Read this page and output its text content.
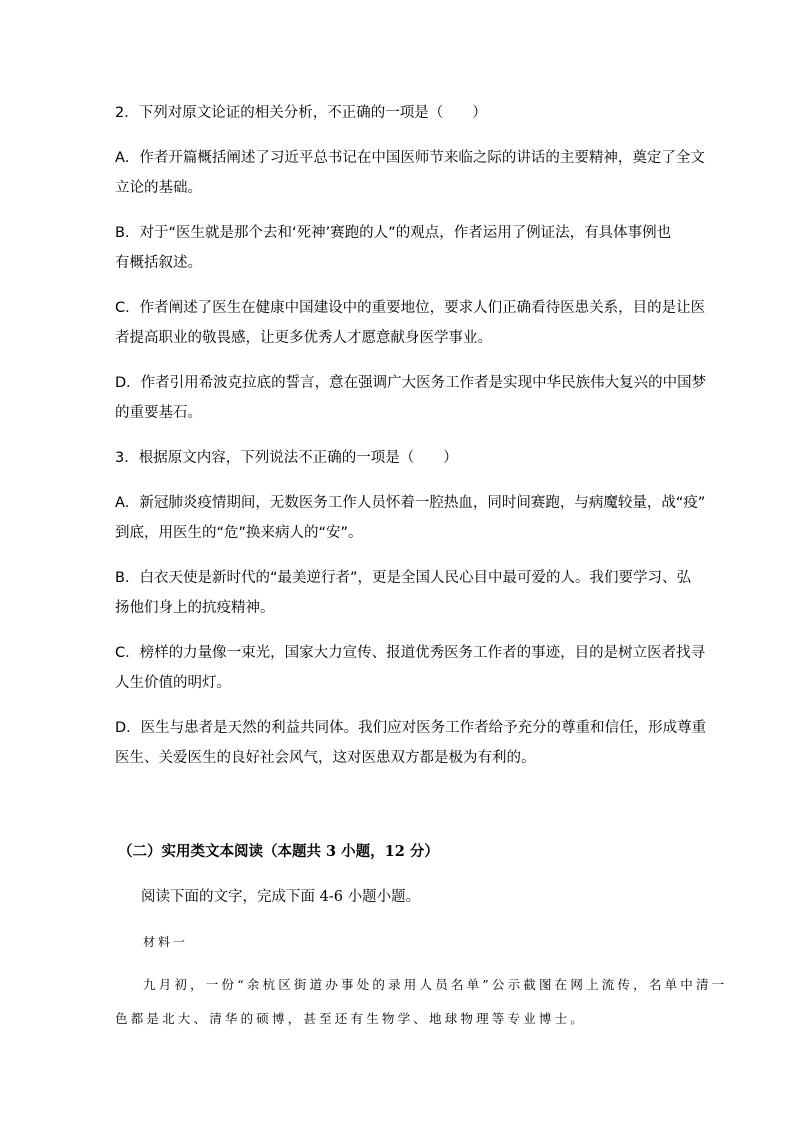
2．下列对原文论证的相关分析，不正确的一项是（　　）
A．作者开篇概括阐述了习近平总书记在中国医师节来临之际的讲话的主要精神，奠定了全文
立论的基础。
B．对于“医生就是那个去和‘死神’赛跑的人”的观点，作者运用了例证法，有具体事例也
有概括叙述。
C．作者阐述了医生在健康中国建设中的重要地位，要求人们正确看待医患关系，目的是让医
者提高职业的敬畏感，让更多优秀人才愿意献身医学事业。
D．作者引用希波克拉底的誓言，意在强调广大医务工作者是实现中华民族伟大复兴的中国梦
的重要基石。
3．根据原文内容，下列说法不正确的一项是（　　）
A．新冠肺炎疫情期间，无数医务工作人员怀着一腔热血，同时间赛跑，与病魔较量，战“疫”
到底，用医生的“危”换来病人的“安”。
B．白衣天使是新时代的“最美逆行者”，更是全国人民心目中最可爱的人。我们要学习、弘
扬他们身上的抗疫精神。
C．榜样的力量像一束光，国家大力宣传、报道优秀医务工作者的事迹，目的是树立医者找寻
人生价值的明灯。
D．医生与患者是天然的利益共同体。我们应对医务工作者给予充分的尊重和信任，形成尊重
医生、关爱医生的良好社会风气，这对医患双方都是极为有利的。
（二）实用类文本阅读（本题共 3 小题，12 分）
阅读下面的文字，完成下面 4-6 小题小题。
材料一
九月初，一份“余杭区街道办事处的录用人员名单”公示截图在网上流传，名单中清一
色都是北大、清华的硕博，甚至还有生物学、地球物理等专业博士。
